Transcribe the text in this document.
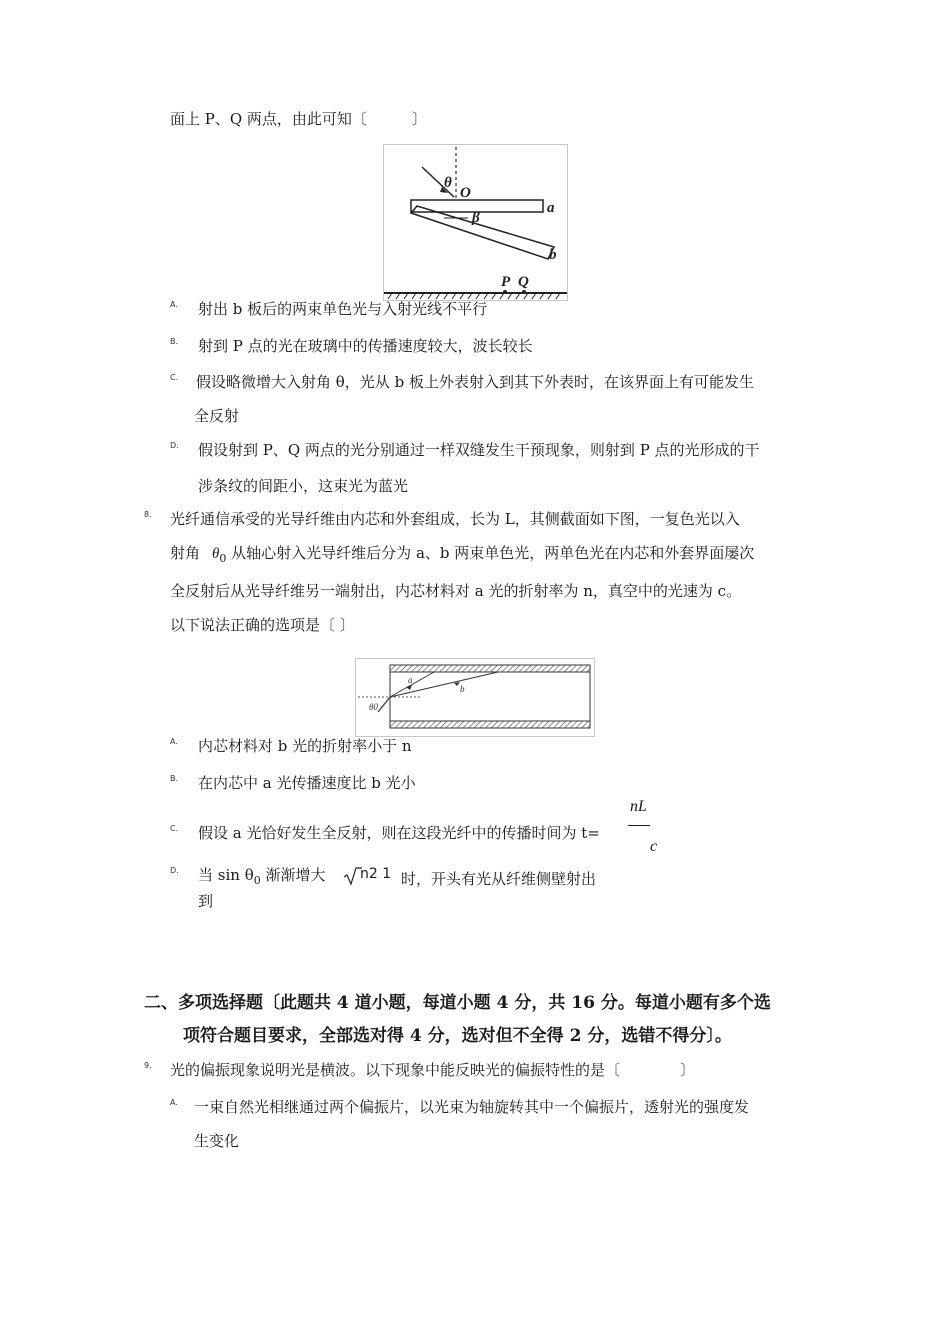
面上 P、Q 两点，由此可知〔　　　〕
θ
O
β
a
b
P Q
A. 射出 b 板后的两束单色光与入射光线不平行
B. 射到 P 点的光在玻璃中的传播速度较大，波长较长
C. 假设略微增大入射角 θ，光从 b 板上外表射入到其下外表时，在该界面上有可能发生
全反射
D. 假设射到 P、Q 两点的光分别通过一样双缝发生干预现象，则射到 P 点的光形成的干
涉条纹的间距小，这束光为蓝光
8. 光纤通信承受的光导纤维由内芯和外套组成，长为 L，其侧截面如下图，一复色光以入
射角 $\theta_0$ 从轴心射入光导纤维后分为 a、b 两束单色光，两单色光在内芯和外套界面屡次
全反射后从光导纤维另一端射出，内芯材料对 a 光的折射率为 n，真空中的光速为 c。
以下说法正确的选项是〔 〕
a
b
θ0
A. 内芯材料对 b 光的折射率小于 n
B. 在内芯中 a 光传播速度比 b 光小
C. 假设 a 光恰好发生全反射，则在这段光纤中的传播时间为 t=
nL
c
D. 当 $\sin \theta_0$ 渐渐增大 n2 1 时，开头有光从纤维侧壁射出
到
二、多项选择题〔此题共 4 道小题，每道小题 4 分，共 16 分。每道小题有多个选
项符合题目要求，全部选对得 4 分，选对但不全得 2 分，选错不得分〕。
9. 光的偏振现象说明光是横波。以下现象中能反映光的偏振特性的是〔　　　　〕
A. 一束自然光相继通过两个偏振片，以光束为轴旋转其中一个偏振片，透射光的强度发
生变化
